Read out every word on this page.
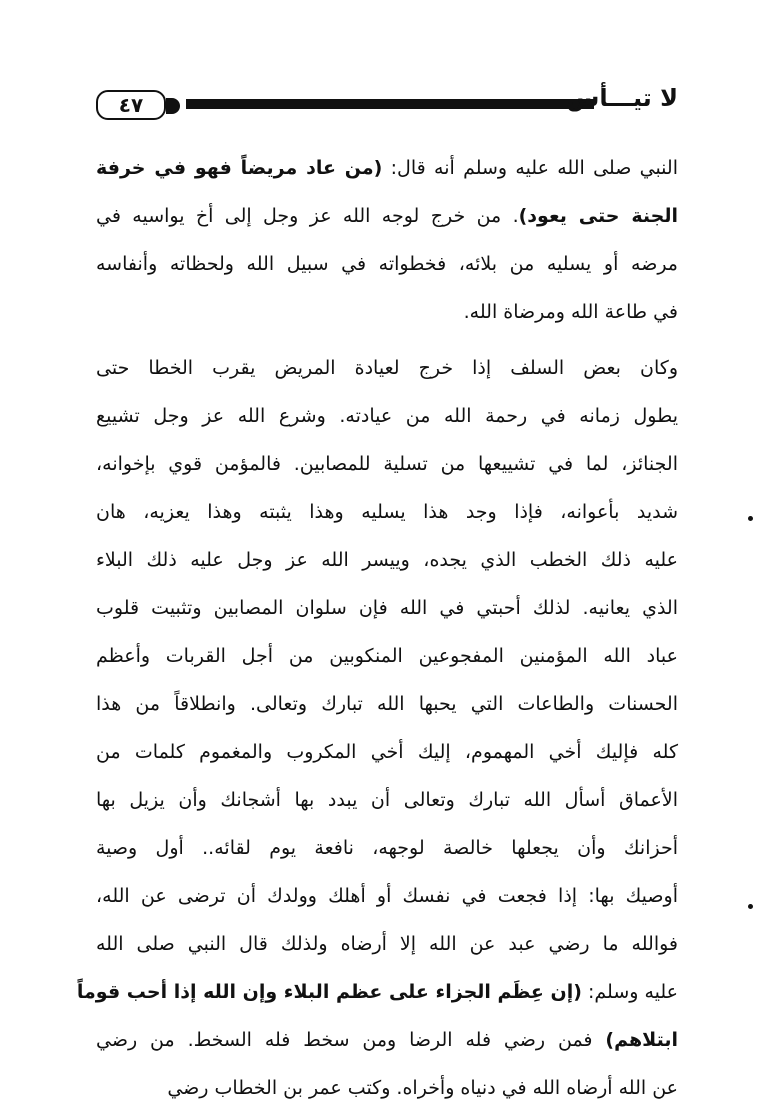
٤٧	لا تيـــأس
النبي صلى الله عليه وسلم أنه قال: (من عاد مريضاً فهو في خرفة
الجنة حتى يعود). من خرج لوجه الله عز وجل إلى أخ يواسيه في
مرضه أو يسليه من بلائه، فخطواته في سبيل الله ولحظاته وأنفاسه
في طاعة الله ومرضاة الله.
وكان بعض السلف إذا خرج لعيادة المريض يقرب الخطا حتى
يطول زمانه في رحمة الله من عيادته. وشرع الله عز وجل تشييع
الجنائز، لما في تشييعها من تسلية للمصابين. فالمؤمن قوي بإخوانه،
شديد بأعوانه، فإذا وجد هذا يسليه وهذا يثبته وهذا يعزيه، هان
عليه ذلك الخطب الذي يجده، وييسر الله عز وجل عليه ذلك البلاء
الذي يعانيه. لذلك أحبتي في الله فإن سلوان المصابين وتثبيت قلوب
عباد الله المؤمنين المفجوعين المنكوبين من أجل القربات وأعظم
الحسنات والطاعات التي يحبها الله تبارك وتعالى. وانطلاقاً من هذا
كله فإليك أخي المهموم، إليك أخي المكروب والمغموم كلمات من
الأعماق أسأل الله تبارك وتعالى أن يبدد بها أشجانك وأن يزيل بها
أحزانك وأن يجعلها خالصة لوجهه، نافعة يوم لقائه.. أول وصية
أوصيك بها: إذا فجعت في نفسك أو أهلك وولدك أن ترضى عن الله،
فوالله ما رضي عبد عن الله إلا أرضاه ولذلك قال النبي صلى الله
عليه وسلم: (إن عِظَم الجزاء على عظم البلاء وإن الله إذا أحب قوماً
ابتلاهم) فمن رضي فله الرضا ومن سخط فله السخط. من رضي
عن الله أرضاه الله في دنياه وأخراه. وكتب عمر بن الخطاب رضي
